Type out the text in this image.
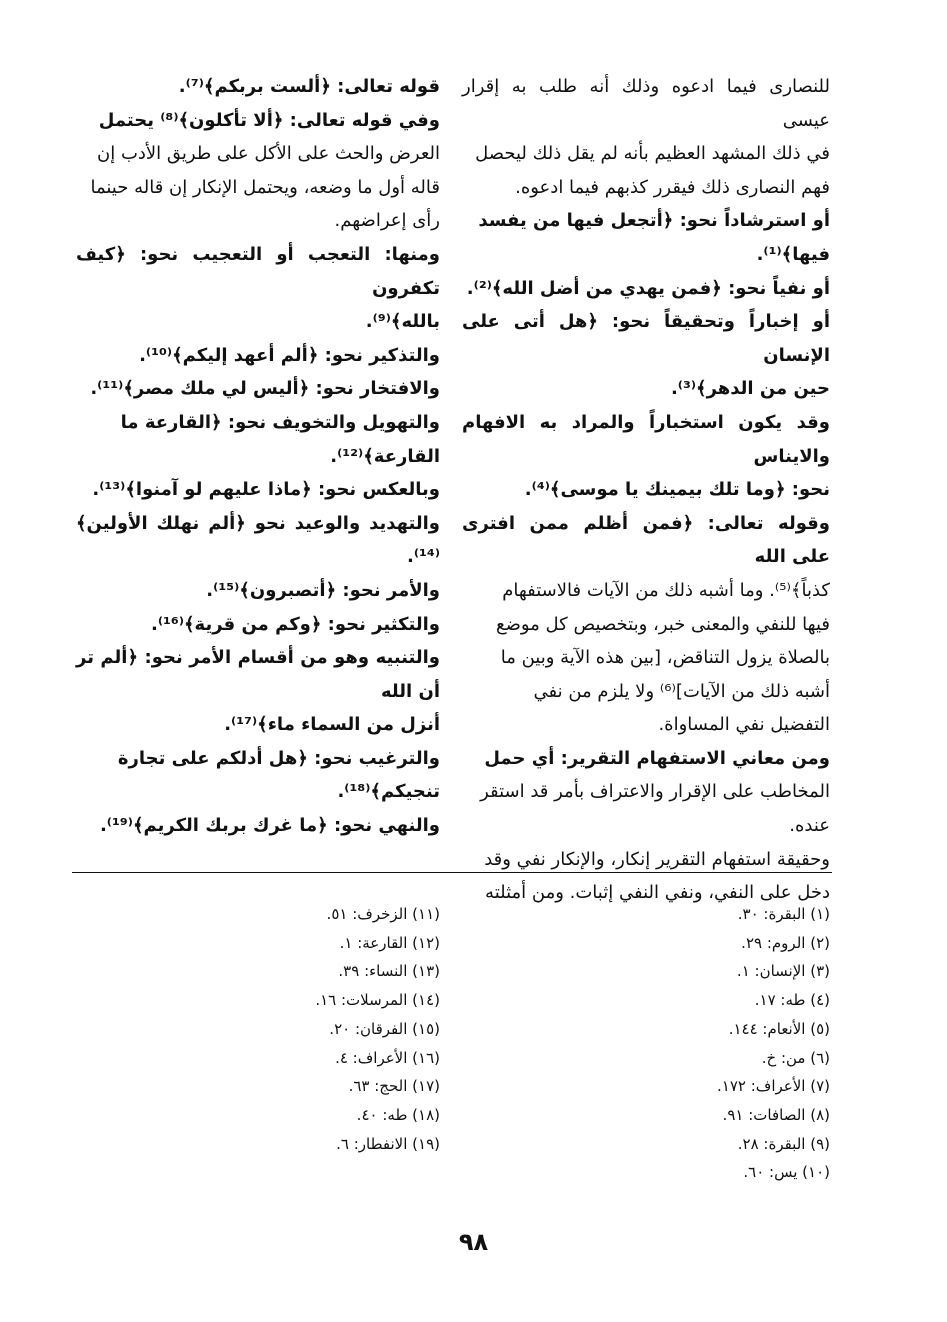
للنصارى فيما ادعوه وذلك أنه طلب به إقرار عيسى

في ذلك المشهد العظيم بأنه لم يقل ذلك ليحصل

فهم النصارى ذلك فيقرر كذبهم فيما ادعوه.

أو استرشاداً نحو: ﴿أتجعل فيها من يفسد

فيها﴾⁽¹⁾.

أو نفياً نحو: ﴿فمن يهدي من أضل الله﴾⁽²⁾.

أو إخباراً وتحقيقاً نحو: ﴿هل أتى على الإنسان

حين من الدهر﴾⁽³⁾.

وقد يكون استخباراً والمراد به الافهام والايناس

نحو: ﴿وما تلك بيمينك يا موسى﴾⁽⁴⁾.

وقوله تعالى: ﴿فمن أظلم ممن افترى على الله

كذباً﴾⁽⁵⁾. وما أشبه ذلك من الآيات فالاستفهام

فيها للنفي والمعنى خبر، وبتخصيص كل موضع

بالصلاة يزول التناقض، [بين هذه الآية وبين ما

أشبه ذلك من الآيات]⁽⁶⁾ ولا يلزم من نفي

التفضيل نفي المساواة.

ومن معاني الاستفهام التقرير: أي حمل

المخاطب على الإقرار والاعتراف بأمر قد استقر

عنده.

وحقيقة استفهام التقرير إنكار، والإنكار نفي وقد

دخل على النفي، ونفي النفي إثبات. ومن أمثلته

قوله تعالى: ﴿ألست بربكم﴾⁽⁷⁾.

وفي قوله تعالى: ﴿ألا تأكلون﴾⁽⁸⁾ يحتمل

العرض والحث على الأكل على طريق الأدب إن

قاله أول ما وضعه، ويحتمل الإنكار إن قاله حينما

رأى إعراضهم.

ومنها: التعجب أو التعجيب نحو: ﴿كيف تكفرون

بالله﴾⁽⁹⁾.

والتذكير نحو: ﴿ألم أعهد إليكم﴾⁽¹⁰⁾.

والافتخار نحو: ﴿أليس لي ملك مصر﴾⁽¹¹⁾.

والتهويل والتخويف نحو: ﴿القارعة ما

القارعة﴾⁽¹²⁾.

وبالعكس نحو: ﴿ماذا عليهم لو آمنوا﴾⁽¹³⁾.

والتهديد والوعيد نحو ﴿ألم نهلك الأولين﴾⁽¹⁴⁾.

والأمر نحو: ﴿أتصبرون﴾⁽¹⁵⁾.

والتكثير نحو: ﴿وكم من قرية﴾⁽¹⁶⁾.

والتنبيه وهو من أقسام الأمر نحو: ﴿ألم تر أن الله

أنزل من السماء ماء﴾⁽¹⁷⁾.

والترغيب نحو: ﴿هل أدلكم على تجارة

تنجيكم﴾⁽¹⁸⁾.

والنهي نحو: ﴿ما غرك بربك الكريم﴾⁽¹⁹⁾.

(١) البقرة: ٣٠.
(٢) الروم: ٢٩.
(٣) الإنسان: ١.
(٤) طه: ١٧.
(٥) الأنعام: ١٤٤.
(٦) من: خ.
(٧) الأعراف: ١٧٢.
(٨) الصافات: ٩١.
(٩) البقرة: ٢٨.
(١٠) يس: ٦٠.
(١١) الزخرف: ٥١.
(١٢) القارعة: ١.
(١٣) النساء: ٣٩.
(١٤) المرسلات: ١٦.
(١٥) الفرقان: ٢٠.
(١٦) الأعراف: ٤.
(١٧) الحج: ٦٣.
(١٨) طه: ٤٠.
(١٩) الانفطار: ٦.
٩٨
